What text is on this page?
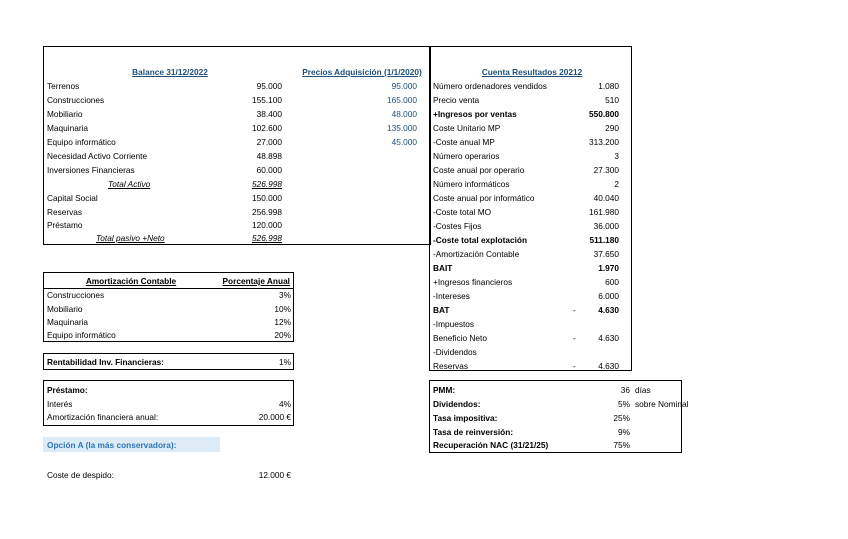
Balance 31/12/2022	Precios Adquisición (1/1/2020)
Terrenos	95.000	95.000
Construcciones	155.100	165.000
Mobiliario	38.400	48.000
Maquinaria	102.600	135.000
Equipo informático	27.000	45.000
Necesidad Activo Corriente	48.898
Inversiones Financieras	60.000
Total Activo	526.998
Capital Social	150.000
Reservas	256.998
Préstamo	120.000
Total pasivo +Neto	526.998
Cuenta Resultados 20212
Número ordenadores vendidos	1.080
Precio venta	510
+Ingresos por ventas	550.800
Coste Unitario MP	290
-Coste anual MP	313.200
Número operarios	3
Coste anual por operario	27.300
Número informáticos	2
Coste anual por informático	40.040
-Coste total MO	161.980
-Costes Fijos	36.000
-Coste total explotación	511.180
-Amortización Contable	37.650
BAIT	1.970
+Ingresos financieros	600
-Intereses	6.000
BAT	-	4.630
-Impuestos
Beneficio Neto	-	4.630
-Dividendos
Reservas	-	4.630
Amortización Contable	Porcentaje Anual
Construcciones	3%
Mobiliario	10%
Maquinaria	12%
Equipo informático	20%
Rentabilidad Inv. Financieras:	1%
Préstamo:
Interés	4%
Amortización financiera anual:	20.000 €
PMM:	36 días
Dividendos:	5% sobre Nominal
Tasa impositiva:	25%
Tasa de reinversión:	9%
Recuperación NAC (31/21/25)	75%
Opción A (la más conservadora):
Coste de despido:	12.000 €
